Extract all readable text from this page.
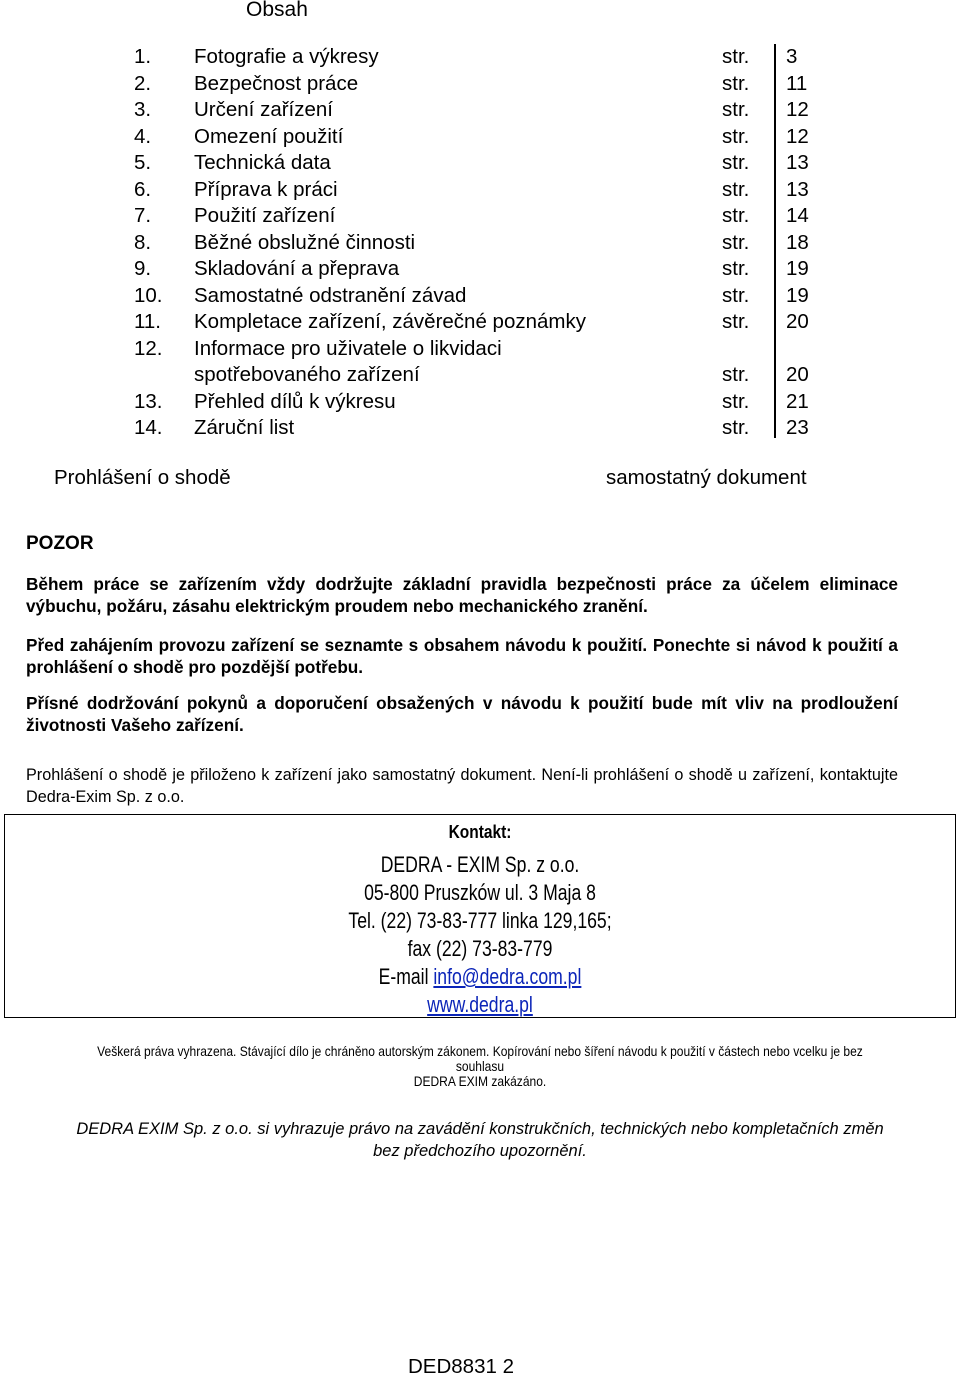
Obsah
1.	Fotografie a výkresy	str.	3
2.	Bezpečnost práce	str.	11
3.	Určení zařízení	str.	12
4.	Omezení použití	str.	12
5.	Technická data	str.	13
6.	Příprava k práci	str.	13
7.	Použití zařízení	str.	14
8.	Běžné obslužné činnosti	str.	18
9.	Skladování a přeprava	str.	19
10.	Samostatné odstranění závad	str.	19
11.	Kompletace zařízení, závěrečné poznámky	str.	20
12.	Informace pro uživatele o likvidaci
spotřebovaného zařízení	str.	20
13.	Přehled dílů k výkresu	str.	21
14.	Záruční list	str.	23
Prohlášení o shodě	samostatný dokument
POZOR
Během práce se zařízením vždy dodržujte základní pravidla bezpečnosti práce za účelem eliminace výbuchu, požáru, zásahu elektrickým proudem nebo mechanického zranění.
Před zahájením provozu zařízení se seznamte s obsahem návodu k použití. Ponechte si návod k použití a prohlášení o shodě pro pozdější potřebu.
Přísné dodržování pokynů a doporučení obsažených v návodu k použití bude mít vliv na prodloužení životnosti Vašeho zařízení.
Prohlášení o shodě je přiloženo k zařízení jako samostatný dokument. Není-li prohlášení o shodě u zařízení, kontaktujte Dedra-Exim Sp. z o.o.
Kontakt:
DEDRA - EXIM Sp. z o.o.
05-800 Pruszków ul. 3 Maja 8
Tel. (22) 73-83-777 linka 129,165;
fax (22) 73-83-779
E-mail info@dedra.com.pl
www.dedra.pl
Veškerá práva vyhrazena. Stávající dílo je chráněno autorským zákonem. Kopírování nebo šíření návodu k použití v částech nebo vcelku je bez souhlasu
DEDRA EXIM zakázáno.
DEDRA EXIM Sp. z o.o. si vyhrazuje právo na zavádění konstrukčních, technických nebo kompletačních změn
bez předchozího upozornění.
DED8831 2
